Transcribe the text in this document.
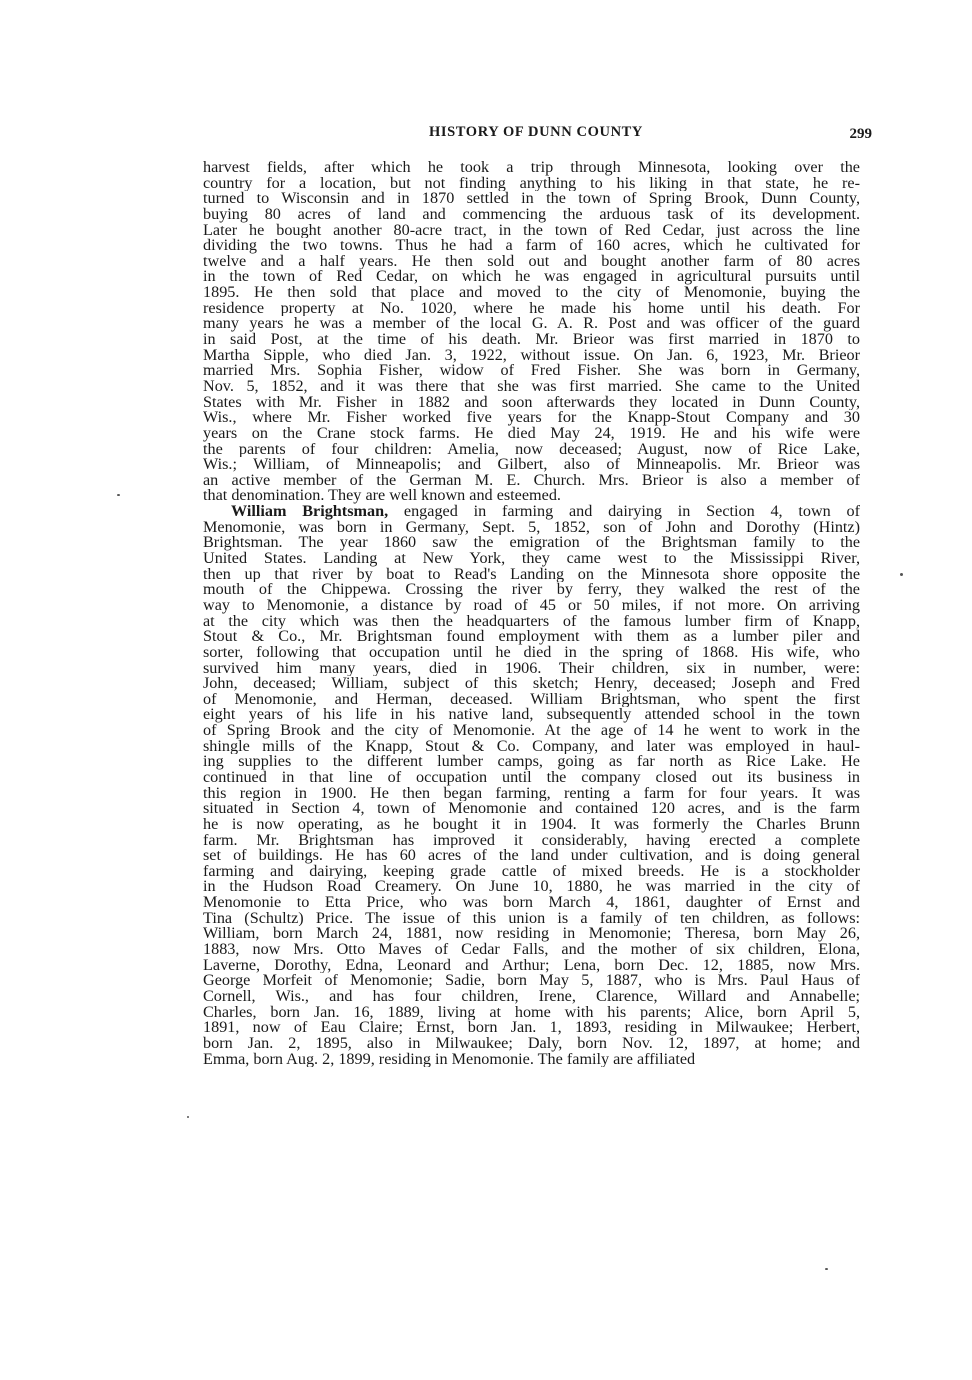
HISTORY OF DUNN COUNTY	299
harvest fields, after which he took a trip through Minnesota, looking over the
country for a location, but not finding anything to his liking in that state, he re-
turned to Wisconsin and in 1870 settled in the town of Spring Brook, Dunn County,
buying 80 acres of land and commencing the arduous task of its development.
Later he bought another 80-acre tract, in the town of Red Cedar, just across the line
dividing the two towns. Thus he had a farm of 160 acres, which he cultivated for
twelve and a half years. He then sold out and bought another farm of 80 acres
in the town of Red Cedar, on which he was engaged in agricultural pursuits until
1895. He then sold that place and moved to the city of Menomonie, buying the
residence property at No. 1020, where he made his home until his death. For
many years he was a member of the local G. A. R. Post and was officer of the guard
in said Post, at the time of his death. Mr. Brieor was first married in 1870 to
Martha Sipple, who died Jan. 3, 1922, without issue. On Jan. 6, 1923, Mr. Brieor
married Mrs. Sophia Fisher, widow of Fred Fisher. She was born in Germany,
Nov. 5, 1852, and it was there that she was first married. She came to the United
States with Mr. Fisher in 1882 and soon afterwards they located in Dunn County,
Wis., where Mr. Fisher worked five years for the Knapp-Stout Company and 30
years on the Crane stock farms. He died May 24, 1919. He and his wife were
the parents of four children: Amelia, now deceased; August, now of Rice Lake,
Wis.; William, of Minneapolis; and Gilbert, also of Minneapolis. Mr. Brieor was
an active member of the German M. E. Church. Mrs. Brieor is also a member of
that denomination. They are well known and esteemed.
William Brightsman, engaged in farming and dairying in Section 4, town of
Menomonie, was born in Germany, Sept. 5, 1852, son of John and Dorothy (Hintz)
Brightsman. The year 1860 saw the emigration of the Brightsman family to the
United States. Landing at New York, they came west to the Mississippi River,
then up that river by boat to Read's Landing on the Minnesota shore opposite the
mouth of the Chippewa. Crossing the river by ferry, they walked the rest of the
way to Menomonie, a distance by road of 45 or 50 miles, if not more. On arriving
at the city which was then the headquarters of the famous lumber firm of Knapp,
Stout & Co., Mr. Brightsman found employment with them as a lumber piler and
sorter, following that occupation until he died in the spring of 1868. His wife, who
survived him many years, died in 1906. Their children, six in number, were:
John, deceased; William, subject of this sketch; Henry, deceased; Joseph and Fred
of Menomonie, and Herman, deceased. William Brightsman, who spent the first
eight years of his life in his native land, subsequently attended school in the town
of Spring Brook and the city of Menomonie. At the age of 14 he went to work in the
shingle mills of the Knapp, Stout & Co. Company, and later was employed in haul-
ing supplies to the different lumber camps, going as far north as Rice Lake. He
continued in that line of occupation until the company closed out its business in
this region in 1900. He then began farming, renting a farm for four years. It was
situated in Section 4, town of Menomonie and contained 120 acres, and is the farm
he is now operating, as he bought it in 1904. It was formerly the Charles Brunn
farm. Mr. Brightsman has improved it considerably, having erected a complete
set of buildings. He has 60 acres of the land under cultivation, and is doing general
farming and dairying, keeping grade cattle of mixed breeds. He is a stockholder
in the Hudson Road Creamery. On June 10, 1880, he was married in the city of
Menomonie to Etta Price, who was born March 4, 1861, daughter of Ernst and
Tina (Schultz) Price. The issue of this union is a family of ten children, as follows:
William, born March 24, 1881, now residing in Menomonie; Theresa, born May 26,
1883, now Mrs. Otto Maves of Cedar Falls, and the mother of six children, Elona,
Laverne, Dorothy, Edna, Leonard and Arthur; Lena, born Dec. 12, 1885, now Mrs.
George Morfeit of Menomonie; Sadie, born May 5, 1887, who is Mrs. Paul Haus of
Cornell, Wis., and has four children, Irene, Clarence, Willard and Annabelle;
Charles, born Jan. 16, 1889, living at home with his parents; Alice, born April 5,
1891, now of Eau Claire; Ernst, born Jan. 1, 1893, residing in Milwaukee; Herbert,
born Jan. 2, 1895, also in Milwaukee; Daly, born Nov. 12, 1897, at home; and
Emma, born Aug. 2, 1899, residing in Menomonie. The family are affiliated
